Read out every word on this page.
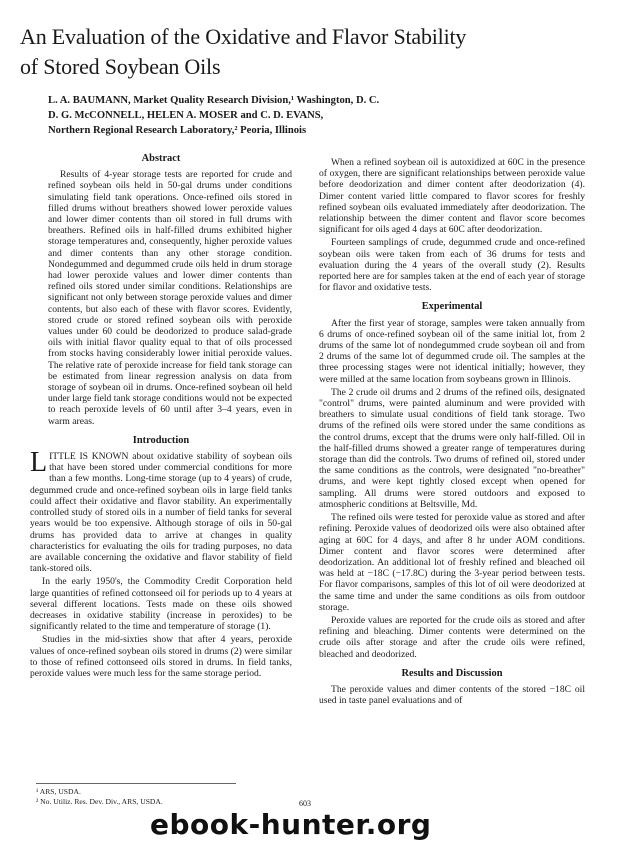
An Evaluation of the Oxidative and Flavor Stability
of Stored Soybean Oils
L. A. BAUMANN, Market Quality Research Division,¹ Washington, D. C.
D. G. McCONNELL, HELEN A. MOSER and C. D. EVANS,
Northern Regional Research Laboratory,² Peoria, Illinois
Abstract

Results of 4-year storage tests are reported for crude and refined soybean oils held in 50-gal drums under conditions simulating field tank operations. Once-refined oils stored in filled drums without breathers showed lower peroxide values and lower dimer contents than oil stored in full drums with breathers. Refined oils in half-filled drums exhibited higher storage temperatures and, consequently, higher peroxide values and dimer contents than any other storage condition. Nondegummed and degummed crude oils held in drum storage had lower peroxide values and lower dimer contents than refined oils stored under similar conditions. Relationships are significant not only between storage peroxide values and dimer contents, but also each of these with flavor scores. Evidently, stored crude or stored refined soybean oils with peroxide values under 60 could be deodorized to produce salad-grade oils with initial flavor quality equal to that of oils processed from stocks having considerably lower initial peroxide values. The relative rate of peroxide increase for field tank storage can be estimated from linear regression analysis on data from storage of soybean oil in drums. Once-refined soybean oil held under large field tank storage conditions would not be expected to reach peroxide levels of 60 until after 3–4 years, even in warm areas.

Introduction

LITTLE IS KNOWN about oxidative stability of soybean oils that have been stored under commercial conditions for more than a few months. Long-time storage (up to 4 years) of crude, degummed crude and once-refined soybean oils in large field tanks could affect their oxidative and flavor stability. An experimentally controlled study of stored oils in a number of field tanks for several years would be too expensive. Although storage of oils in 50-gal drums has provided data to arrive at changes in quality characteristics for evaluating the oils for trading purposes, no data are available concerning the oxidative and flavor stability of field tank-stored oils.

In the early 1950's, the Commodity Credit Corporation held large quantities of refined cottonseed oil for periods up to 4 years at several different locations. Tests made on these oils showed decreases in oxidative stability (increase in peroxides) to be significantly related to the time and temperature of storage (1).

Studies in the mid-sixties show that after 4 years, peroxide values of once-refined soybean oils stored in drums (2) were similar to those of refined cottonseed oils stored in drums. In field tanks, peroxide values were much less for the same storage period.

When a refined soybean oil is autoxidized at 60C in the presence of oxygen, there are significant relationships between peroxide value before deodorization and dimer content after deodorization (4). Dimer content varied little compared to flavor scores for freshly refined soybean oils evaluated immediately after deodorization. The relationship between the dimer content and flavor score becomes significant for oils aged 4 days at 60C after deodorization.

Fourteen samplings of crude, degummed crude and once-refined soybean oils were taken from each of 36 drums for tests and evaluation during the 4 years of the overall study (2). Results reported here are for samples taken at the end of each year of storage for flavor and oxidative tests.

Experimental

After the first year of storage, samples were taken annually from 6 drums of once-refined soybean oil of the same initial lot, from 2 drums of the same lot of nondegummed crude soybean oil and from 2 drums of the same lot of degummed crude oil. The samples at the three processing stages were not identical initially; however, they were milled at the same location from soybeans grown in Illinois.

The 2 crude oil drums and 2 drums of the refined oils, designated "control" drums, were painted aluminum and were provided with breathers to simulate usual conditions of field tank storage. Two drums of the refined oils were stored under the same conditions as the control drums, except that the drums were only half-filled. Oil in the half-filled drums showed a greater range of temperatures during storage than did the controls. Two drums of refined oil, stored under the same conditions as the controls, were designated "no-breather" drums, and were kept tightly closed except when opened for sampling. All drums were stored outdoors and exposed to atmospheric conditions at Beltsville, Md.

The refined oils were tested for peroxide value as stored and after refining. Peroxide values of deodorized oils were also obtained after aging at 60C for 4 days, and after 8 hr under AOM conditions. Dimer content and flavor scores were determined after deodorization. An additional lot of freshly refined and bleached oil was held at −18C (−17.8C) during the 3-year period between tests. For flavor comparisons, samples of this lot of oil were deodorized at the same time and under the same conditions as oils from outdoor storage.

Peroxide values are reported for the crude oils as stored and after refining and bleaching. Dimer contents were determined on the crude oils after storage and after the crude oils were refined, bleached and deodorized.

Results and Discussion

The peroxide values and dimer contents of the stored −18C oil used in taste panel evaluations and of

¹ ARS, USDA.
² No. Utiliz. Res. Dev. Div., ARS, USDA.	603
ebook-hunter.org
